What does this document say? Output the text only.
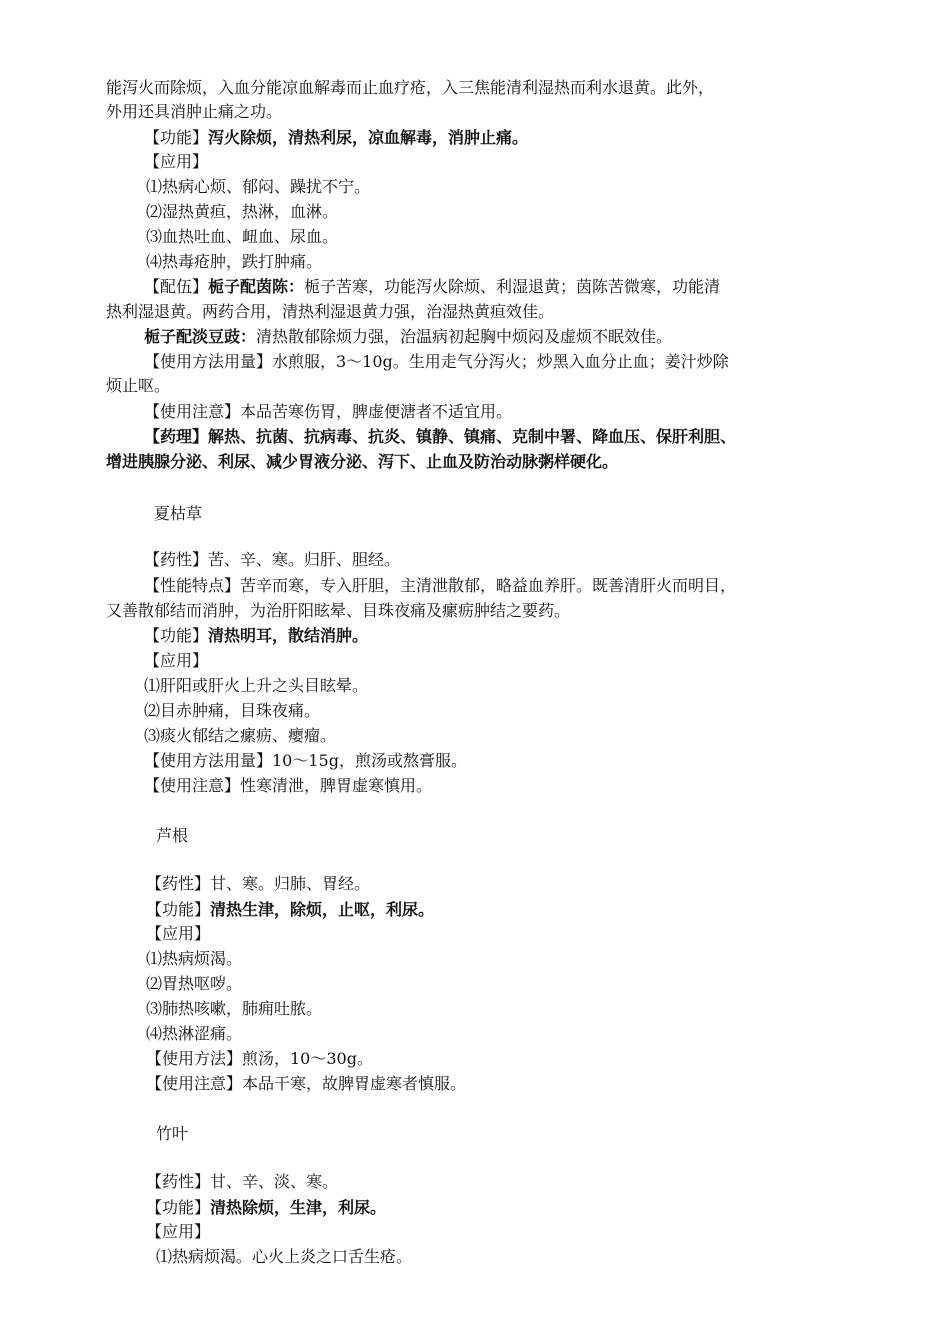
能泻火而除烦，入血分能凉血解毒而止血疗疮，入三焦能清利湿热而利水退黄。此外，
外用还具消肿止痛之功。
【功能】泻火除烦，清热利尿，凉血解毒，消肿止痛。
【应用】
⑴热病心烦、郁闷、躁扰不宁。
⑵湿热黄疸，热淋，血淋。
⑶血热吐血、衄血、尿血。
⑷热毒疮肿，跌打肿痛。
【配伍】栀子配茵陈：栀子苦寒，功能泻火除烦、利湿退黄；茵陈苦微寒，功能清
热利湿退黄。两药合用，清热利湿退黄力强，治湿热黄疸效佳。
栀子配淡豆豉：清热散郁除烦力强，治温病初起胸中烦闷及虚烦不眠效佳。
【使用方法用量】水煎服，3～10g。生用走气分泻火；炒黑入血分止血；姜汁炒除
烦止呕。
【使用注意】本品苦寒伤胃，脾虚便溏者不适宜用。
【药理】解热、抗菌、抗病毒、抗炎、镇静、镇痛、克制中署、降血压、保肝利胆、
增进胰腺分泌、利尿、减少胃液分泌、泻下、止血及防治动脉粥样硬化。
夏枯草
【药性】苦、辛、寒。归肝、胆经。
【性能特点】苦辛而寒，专入肝胆，主清泄散郁，略益血养肝。既善清肝火而明目，
又善散郁结而消肿，为治肝阳眩晕、目珠夜痛及瘰疬肿结之要药。
【功能】清热明耳，散结消肿。
【应用】
⑴肝阳或肝火上升之头目眩晕。
⑵目赤肿痛，目珠夜痛。
⑶痰火郁结之瘰疬、瘿瘤。
【使用方法用量】10～15g，煎汤或熬膏服。
【使用注意】性寒清泄，脾胃虚寒慎用。
芦根
【药性】甘、寒。归肺、胃经。
【功能】清热生津，除烦，止呕，利尿。
【应用】
⑴热病烦渴。
⑵胃热呕哕。
⑶肺热咳嗽，肺痈吐脓。
⑷热淋涩痛。
【使用方法】煎汤，10～30g。
【使用注意】本品干寒，故脾胃虚寒者慎服。
竹叶
【药性】甘、辛、淡、寒。
【功能】清热除烦，生津，利尿。
【应用】
⑴热病烦渴。心火上炎之口舌生疮。
